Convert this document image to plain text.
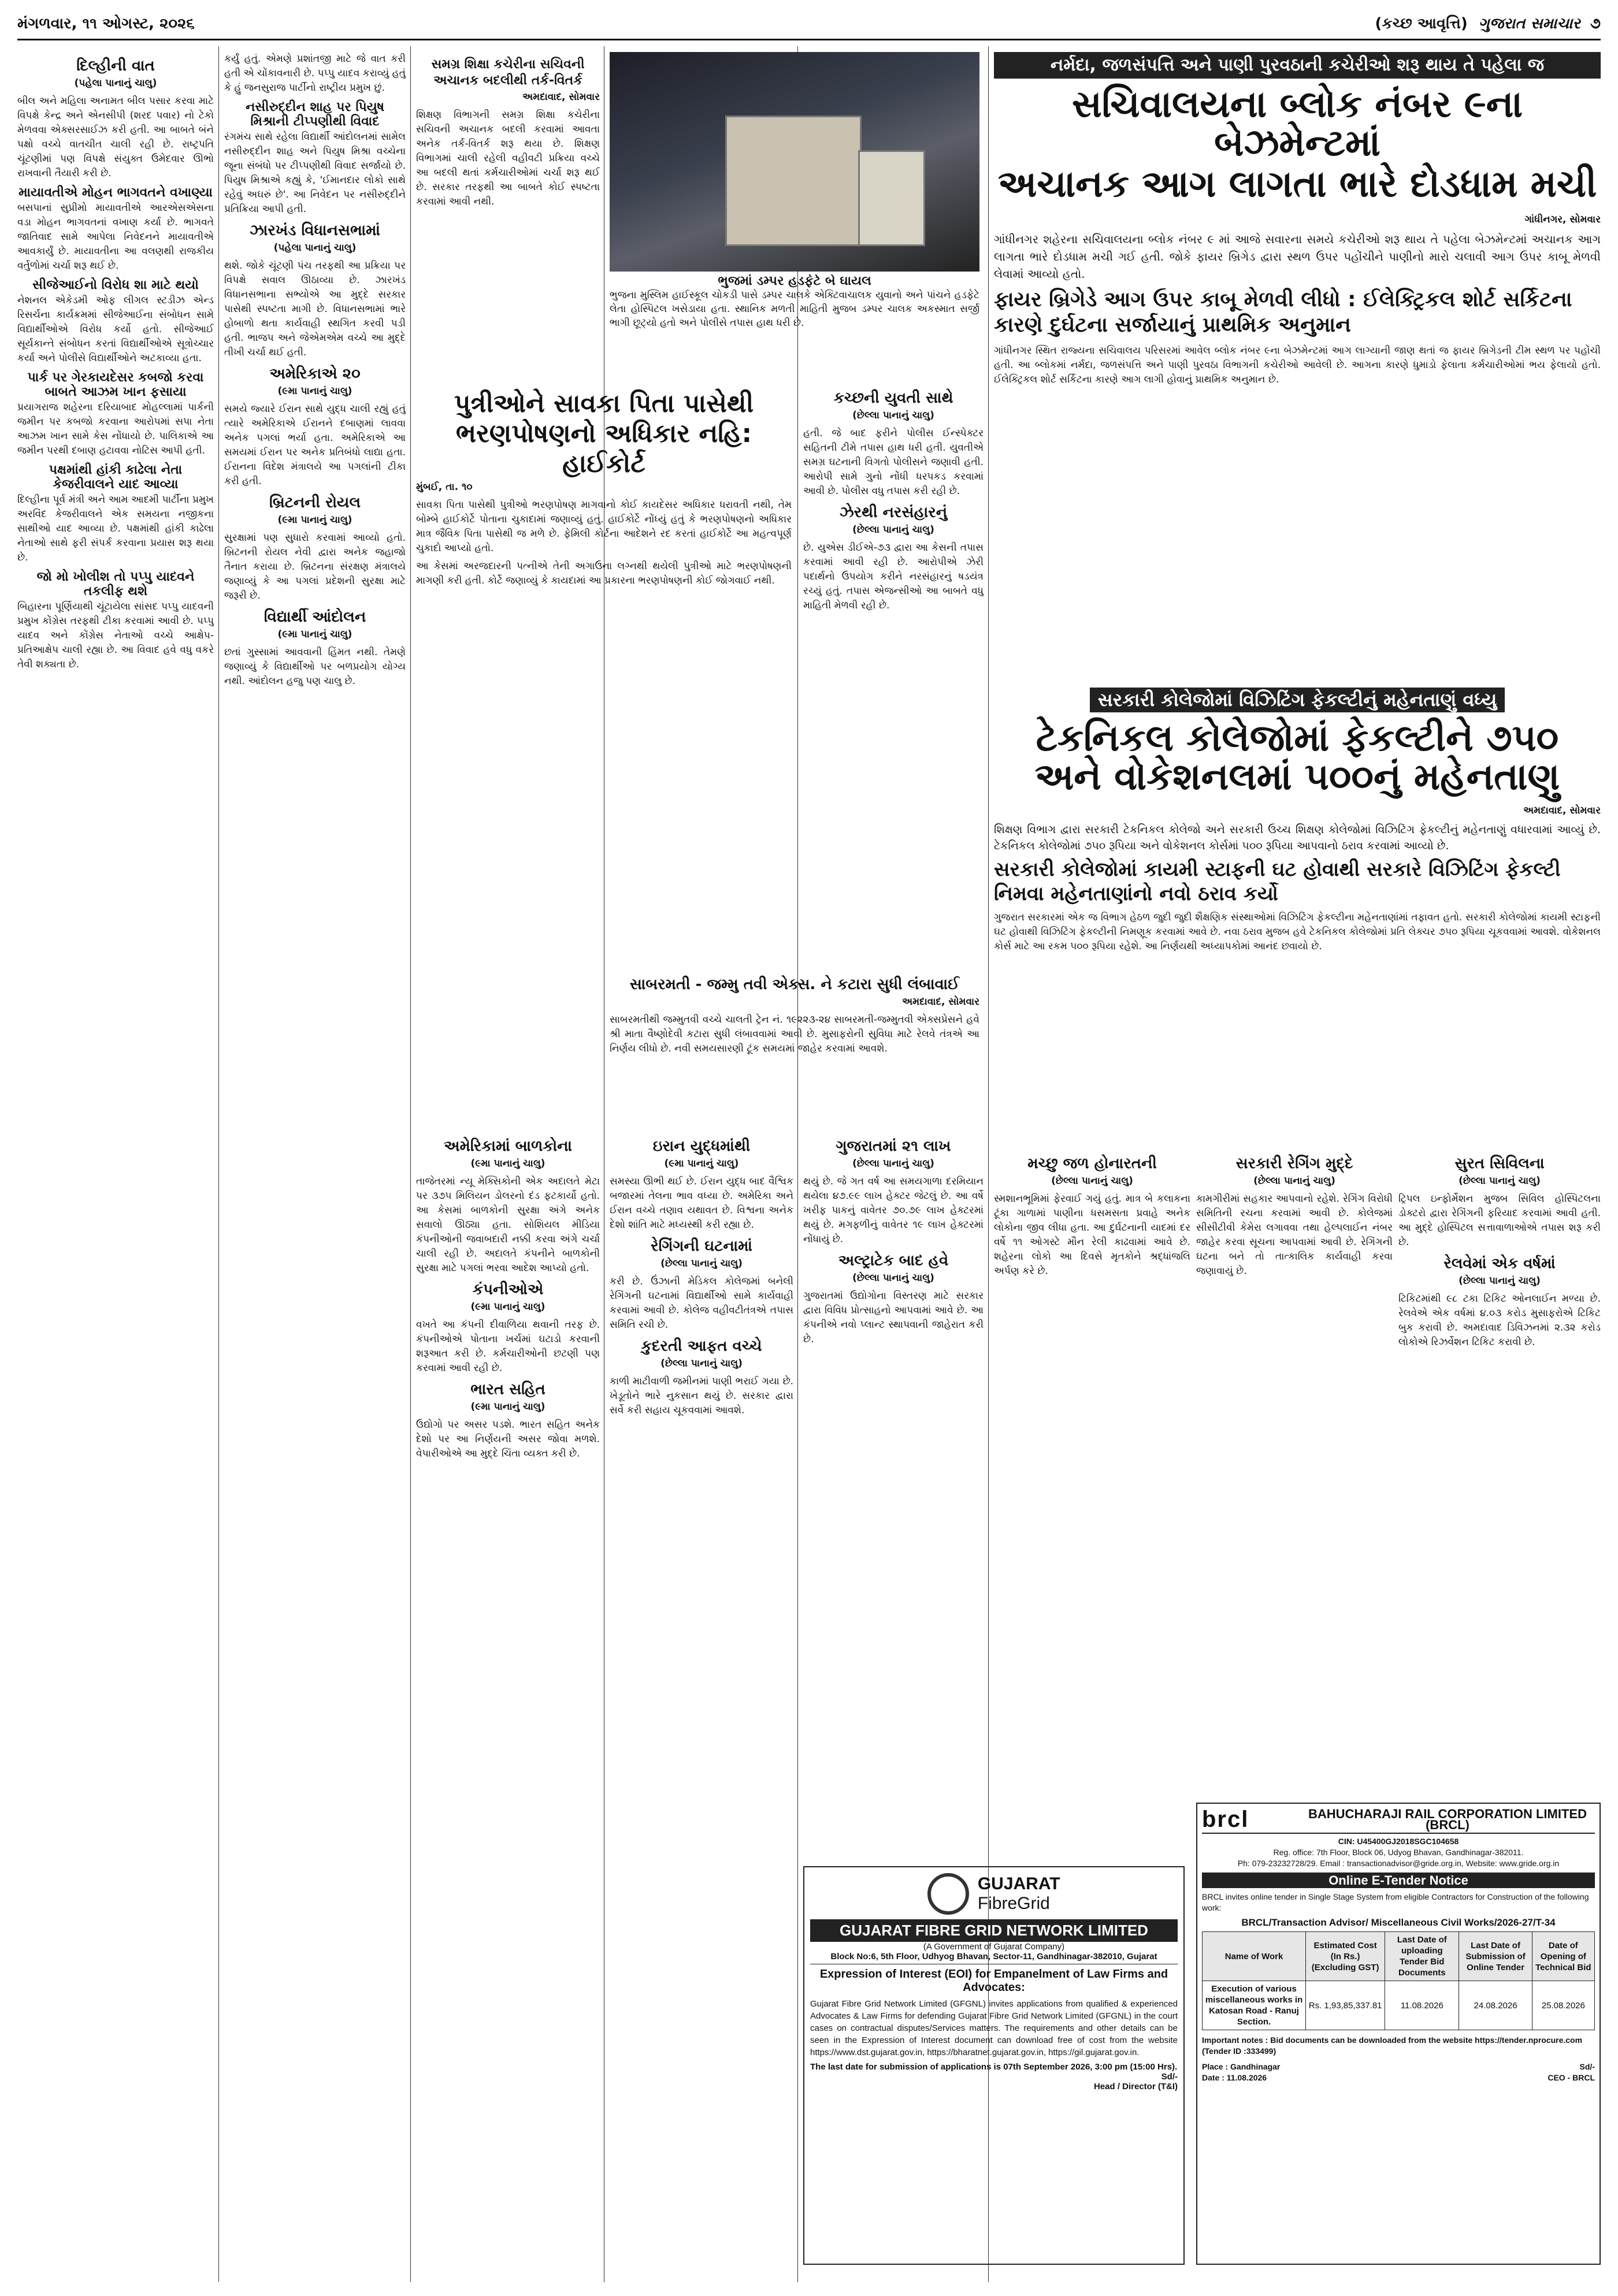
મંગળવાર, ૧૧ ઓગસ્ટ, ૨૦૨૬	(કચ્છ આવૃત્તિ) ગુજરાત સમાચાર ૭
દિલ્હીની વાત
(પહેલા પાનાનું ચાલુ)

બીલ અને મહિલા અનામત બીલ પસાર કરવા માટે વિપક્ષે કેન્દ્ર અને એનસીપી (શરદ પવાર) નો ટેકો મેળવવા એક્સરસાઈઝ કરી હતી. આ બાબતે બંને પક્ષો વચ્ચે વાતચીત ચાલી રહી છે. રાષ્ટ્રપતિ ચૂંટણીમાં પણ વિપક્ષે સંયુક્ત ઉમેદવાર ઊભો રાખવાની તૈયારી કરી છે.

માયાવતીએ મોહન ભાગવતને વખાણ્યા

બસપાનાં સુપ્રીમો માયાવતીએ આરએસએસના વડા મોહન ભાગવતનાં વખાણ કર્યા છે. ભાગવતે જાતિવાદ સામે આપેલા નિવેદનને માયાવતીએ આવકાર્યું છે. માયાવતીના આ વલણથી રાજકીય વર્તુળોમાં ચર્ચા શરૂ થઈ છે.

સીજેઆઈનો વિરોધ શા માટે થયો

નેશનલ એકેડમી ઓફ લીગલ સ્ટડીઝ એન્ડ રિસર્ચના કાર્યક્રમમાં સીજેઆઈના સંબોધન સામે વિદ્યાર્થીઓએ વિરોધ કર્યો હતો. સીજેઆઈ સૂર્યકાન્તે સંબોધન કરતાં વિદ્યાર્થીઓએ સૂત્રોચ્ચાર કર્યા અને પોલીસે વિદ્યાર્થીઓને અટકાવ્યા હતા.

પાર્ક પર ગેરકાયદેસર કબજો કરવા બાબતે આઝમ ખાન ફસાયા

પ્રયાગરાજ શહેરના દરિયાબાદ મોહલ્લામાં પાર્કની જમીન પર કબજો કરવાના આરોપમાં સપા નેતા આઝમ ખાન સામે કેસ નોંધાયો છે. પાલિકાએ આ જમીન પરથી દબાણ હટાવવા નોટિસ આપી હતી.

પક્ષમાંથી હાંકી કાઢેલા નેતા કેજરીવાલને યાદ આવ્યા

દિલ્હીના પૂર્વ મંત્રી અને આમ આદમી પાર્ટીના પ્રમુખ અરવિંદ કેજરીવાલને એક સમયના નજીકના સાથીઓ યાદ આવ્યા છે. પક્ષમાંથી હાંકી કાઢેલા નેતાઓ સાથે ફરી સંપર્ક કરવાના પ્રયાસ શરૂ થયા છે.

જો મો ખોલીશ તો પપ્પુ યાદવને તકલીફ થશે

બિહારના પૂર્ણિયાથી ચૂંટાયેલા સાંસદ પપ્પુ યાદવની પ્રમુખ કોંગ્રેસ તરફથી ટીકા કરવામાં આવી છે. પપ્પુ યાદવ અને કોંગ્રેસ નેતાઓ વચ્ચે આક્ષેપ-પ્રતિઆક્ષેપ ચાલી રહ્યા છે. આ વિવાદ હવે વધુ વકરે તેવી શક્યતા છે.

કર્યું હતું. એમણે પ્રશાંતજી માટે જે વાત કરી હતી એ ચોંકાવનારી છે. પપ્પુ યાદવ કરાવ્યું હતું કે હું જનસુરાજ પાર્ટીનો રાષ્ટ્રીય પ્રમુખ છું.

નસીરુદ્દીન શાહ પર પિયુષ મિશ્રાની ટીપ્પણીથી વિવાદ

રંગમંચ સાથે રહેલા વિદ્યાર્થી આંદોલનમાં સામેલ નસીરુદ્દીન શાહ અને પિયુષ મિશ્રા વચ્ચેના જૂના સંબંધો પર ટીપ્પણીથી વિવાદ સર્જાયો છે. પિયુષ મિશ્રાએ કહ્યું કે, 'ઈમાનદાર લોકો સાથે રહેવું અઘરું છે'. આ નિવેદન પર નસીરુદ્દીને પ્રતિક્રિયા આપી હતી.

ઝારખંડ વિધાનસભામાં
(પહેલા પાનાનું ચાલુ)

થશે. જોકે ચૂંટણી પંચ તરફથી આ પ્રક્રિયા પર વિપક્ષે સવાલ ઊઠાવ્યા છે. ઝારખંડ વિધાનસભાના સભ્યોએ આ મુદ્દે સરકાર પાસેથી સ્પષ્ટતા માગી છે. વિધાનસભામાં ભારે હોબાળો થતા કાર્યવાહી સ્થગિત કરવી પડી હતી. ભાજપ અને જેએમએમ વચ્ચે આ મુદ્દે તીખી ચર્ચા થઈ હતી.

અમેરિકાએ ૨૦
(૯મા પાનાનું ચાલુ)

સમયે જ્યારે ઈરાન સાથે યુદ્ધ ચાલી રહ્યું હતું ત્યારે અમેરિકાએ ઈરાનને દબાણમાં લાવવા અનેક પગલાં ભર્યા હતા. અમેરિકાએ આ સમયમાં ઈરાન પર અનેક પ્રતિબંધો લાદ્યા હતા. ઈરાનના વિદેશ મંત્રાલયે આ પગલાંની ટીકા કરી હતી.

બ્રિટનની રોયલ
(૯મા પાનાનું ચાલુ)

સુરક્ષામાં પણ સુધારો કરવામાં આવ્યો હતો. બ્રિટનની રોયલ નેવી દ્વારા અનેક જહાજો તૈનાત કરાયા છે. બ્રિટનના સંરક્ષણ મંત્રાલયે જણાવ્યું કે આ પગલાં પ્રદેશની સુરક્ષા માટે જરૂરી છે.

વિદ્યાર્થી આંદોલન
(૯મા પાનાનું ચાલુ)

છતાં ગુસ્સામાં આવવાની હિંમત નથી. તેમણે જણાવ્યું કે વિદ્યાર્થીઓ પર બળપ્રયોગ યોગ્ય નથી. આંદોલન હજુ પણ ચાલુ છે.

સમગ્ર શિક્ષા કચેરીના સચિવની અચાનક બદલીથી તર્ક-વિતર્ક

અમદાવાદ, સોમવાર

શિક્ષણ વિભાગની સમગ્ર શિક્ષા કચેરીના સચિવની અચાનક બદલી કરવામાં આવતા અનેક તર્ક-વિતર્ક શરૂ થયા છે. શિક્ષણ વિભાગમાં ચાલી રહેલી વહીવટી પ્રક્રિયા વચ્ચે આ બદલી થતાં કર્મચારીઓમાં ચર્ચા શરૂ થઈ છે. સરકાર તરફથી આ બાબતે કોઈ સ્પષ્ટતા કરવામાં આવી નથી.

ભુજમાં ડમ્પર હડફેટે બે ઘાયલ
ભુજના મુસ્લિમ હાઈસ્કૂલ ચોકડી પાસે ડમ્પર ચાલકે એક્ટિવાચાલક યુવાનો અને પાંચને હડફેટે લેતા હોસ્પિટલ ખસેડાયા હતા. સ્થાનિક મળતી માહિતી મુજબ ડમ્પર ચાલક અકસ્માત સર્જી ભાગી છૂટ્યો હતો અને પોલીસે તપાસ હાથ ધરી છે.
પુત્રીઓને સાવકા પિતા પાસેથી ભરણપોષણનો અધિકાર નહિ: હાઈકોર્ટ

મુંબઈ, તા. ૧૦

સાવકા પિતા પાસેથી પુત્રીઓ ભરણપોષણ માગવાનો કોઈ કાયદેસર અધિકાર ધરાવતી નથી, તેમ બોમ્બે હાઈકોર્ટે પોતાના ચુકાદામાં જણાવ્યું હતું. હાઈકોર્ટે નોંધ્યું હતું કે ભરણપોષણનો અધિકાર માત્ર જૈવિક પિતા પાસેથી જ મળે છે. ફેમિલી કોર્ટના આદેશને રદ કરતાં હાઈકોર્ટે આ મહત્વપૂર્ણ ચુકાદો આપ્યો હતો.

આ કેસમાં અરજદારની પત્નીએ તેની અગાઉના લગ્નથી થયેલી પુત્રીઓ માટે ભરણપોષણની માગણી કરી હતી. કોર્ટે જણાવ્યું કે કાયદામાં આ પ્રકારના ભરણપોષણની કોઈ જોગવાઈ નથી.

કચ્છની યુવતી સાથે
(છેલ્લા પાનાનું ચાલુ)

હતી. જે બાદ ફરીને પોલીસ ઈન્સ્પેક્ટર સહિતની ટીમે તપાસ હાથ ધરી હતી. યુવતીએ સમગ્ર ઘટનાની વિગતો પોલીસને જણાવી હતી. આરોપી સામે ગુનો નોંધી ધરપકડ કરવામાં આવી છે. પોલીસ વધુ તપાસ કરી રહી છે.

ઝેરથી નરસંહારનું
(છેલ્લા પાનાનું ચાલુ)

છે. યુએસ ડીઈએ-૭૩ દ્વારા આ કેસની તપાસ કરવામાં આવી રહી છે. આરોપીએ ઝેરી પદાર્થનો ઉપયોગ કરીને નરસંહારનું ષડયંત્ર રચ્યું હતું. તપાસ એજન્સીઓ આ બાબતે વધુ માહિતી મેળવી રહી છે.

સાબરમતી - જમ્મુ તવી એક્સ. ને કટારા સુધી લંબાવાઈ

અમદાવાદ, સોમવાર

સાબરમતીથી જમ્મુતવી વચ્ચે ચાલતી ટ્રેન નં. ૧૯૨૨૩-૨૪ સાબરમતી-જમ્મુતવી એક્સપ્રેસને હવે શ્રી માતા વૈષ્ણોદેવી કટારા સુધી લંબાવવામાં આવી છે. મુસાફરોની સુવિધા માટે રેલવે તંત્રએ આ નિર્ણય લીધો છે. નવી સમયસારણી ટૂંક સમયમાં જાહેર કરવામાં આવશે.

અમેરિકામાં બાળકોના
(૯મા પાનાનું ચાલુ)

તાજેતરમાં ન્યૂ મેક્સિકોની એક અદાલતે મેટા પર ૩૭૫ મિલિયન ડોલરનો દંડ ફટકાર્યો હતો. આ કેસમાં બાળકોની સુરક્ષા અંગે અનેક સવાલો ઊઠ્યા હતા. સોશિયલ મીડિયા કંપનીઓની જવાબદારી નક્કી કરવા અંગે ચર્ચા ચાલી રહી છે. અદાલતે કંપનીને બાળકોની સુરક્ષા માટે પગલાં ભરવા આદેશ આપ્યો હતો.

કંપનીઓએ
(૯મા પાનાનું ચાલુ)

વખતે આ કંપની દીવાળિયા થવાની તરફ છે. કંપનીઓએ પોતાના ખર્ચમાં ઘટાડો કરવાની શરૂઆત કરી છે. કર્મચારીઓની છટણી પણ કરવામાં આવી રહી છે.

ભારત સહિત
(૯મા પાનાનું ચાલુ)

ઉદ્યોગો પર અસર પડશે. ભારત સહિત અનેક દેશો પર આ નિર્ણયની અસર જોવા મળશે. વેપારીઓએ આ મુદ્દે ચિંતા વ્યક્ત કરી છે.

ઇરાન યુદ્ધમાંથી
(૯મા પાનાનું ચાલુ)

સમસ્યા ઊભી થઈ છે. ઈરાન યુદ્ધ બાદ વૈશ્વિક બજારમાં તેલના ભાવ વધ્યા છે. અમેરિકા અને ઈરાન વચ્ચે તણાવ યથાવત છે. વિશ્વના અનેક દેશો શાંતિ માટે મધ્યસ્થી કરી રહ્યા છે.

રેગિંગની ઘટનામાં
(છેલ્લા પાનાનું ચાલુ)

કરી છે. ઉંઝાની મેડિકલ કોલેજમાં બનેલી રેગિંગની ઘટનામાં વિદ્યાર્થીઓ સામે કાર્યવાહી કરવામાં આવી છે. કોલેજ વહીવટીતંત્રએ તપાસ સમિતિ રચી છે.

કુદરતી આફત વચ્ચે
(છેલ્લા પાનાનું ચાલુ)

કાળી માટીવાળી જમીનમાં પાણી ભરાઈ ગયા છે. ખેડૂતોને ભારે નુકસાન થયું છે. સરકાર દ્વારા સર્વે કરી સહાય ચૂકવવામાં આવશે.

ગુજરાતમાં ૨૧ લાખ
(છેલ્લા પાનાનું ચાલુ)

થયું છે. જે ગત વર્ષ આ સમયગાળા દરમિયાન થયેલા ૪૭.૯૯ લાખ હેક્ટર જેટલું છે. આ વર્ષે ખરીફ પાકનું વાવેતર ૭૦.૭૯ લાખ હેક્ટરમાં થયું છે. મગફળીનું વાવેતર ૧૯ લાખ હેક્ટરમાં નોંધાયું છે.

અલ્ટ્રાટેક બાદ હવે
(છેલ્લા પાનાનું ચાલુ)

ગુજરાતમાં ઉદ્યોગોના વિસ્તરણ માટે સરકાર દ્વારા વિવિધ પ્રોત્સાહનો આપવામાં આવે છે. આ કંપનીએ નવો પ્લાન્ટ સ્થાપવાની જાહેરાત કરી છે.

GUJARAT
FibreGrid
GUJARAT FIBRE GRID NETWORK LIMITED
(A Government of Gujarat Company)
Block No:6, 5th Floor, Udhyog Bhavan, Sector-11, Gandhinagar-382010, Gujarat
Expression of Interest (EOI) for Empanelment of Law Firms and Advocates:
Gujarat Fibre Grid Network Limited (GFGNL) invites applications from qualified & experienced Advocates & Law Firms for defending Gujarat Fibre Grid Network Limited (GFGNL) in the court cases on contractual disputes/Services matters. The requirements and other details can be seen in the Expression of Interest document can download free of cost from the website https://www.dst.gujarat.gov.in, https://bharatnet.gujarat.gov.in, https://gil.gujarat.gov.in.
The last date for submission of applications is 07th September 2026, 3:00 pm (15:00 Hrs).
Sd/-
Head / Director (T&I)
નર્મદા, જળસંપત્તિ અને પાણી પુરવઠાની કચેરીઓ શરૂ થાય તે પહેલા જ
સચિવાલયના બ્લોક નંબર ૯ના બેઝમેન્ટમાં
અચાનક આગ લાગતા ભારે દોડધામ મચી

ગાંધીનગર, સોમવાર

ગાંધીનગર શહેરના સચિવાલયના બ્લોક નંબર ૯ માં આજે સવારના સમયે કચેરીઓ શરૂ થાય તે પહેલા બેઝમેન્ટમાં અચાનક આગ લાગતા ભારે દોડધામ મચી ગઈ હતી. જોકે ફાયર બ્રિગેડ દ્વારા સ્થળ ઉપર પહોંચીને પાણીનો મારો ચલાવી આગ ઉપર કાબૂ મેળવી લેવામાં આવ્યો હતો.

ફાયર બ્રિગેડે આગ ઉપર કાબૂ મેળવી લીધો : ઈલેક્ટ્રિકલ શોર્ટ સર્કિટના કારણે દુર્ઘટના સર્જાયાનું પ્રાથમિક અનુમાન

ગાંધીનગર સ્થિત રાજ્યના સચિવાલય પરિસરમાં આવેલ બ્લોક નંબર ૯ના બેઝમેન્ટમાં આગ લાગ્યાની જાણ થતાં જ ફાયર બ્રિગેડની ટીમ સ્થળ પર પહોંચી હતી. આ બ્લોકમાં નર્મદા, જળસંપત્તિ અને પાણી પુરવઠા વિભાગની કચેરીઓ આવેલી છે. આગના કારણે ધુમાડો ફેલાતા કર્મચારીઓમાં ભય ફેલાયો હતો. ઈલેક્ટ્રિકલ શોર્ટ સર્કિટના કારણે આગ લાગી હોવાનું પ્રાથમિક અનુમાન છે.

સરકારી કોલેજોમાં વિઝિટિંગ ફેકલ્ટીનું મહેનતાણું વધ્યુ
ટેકનિકલ કોલેજોમાં ફેકલ્ટીને ૭૫૦
અને વોકેશનલમાં ૫૦૦નું મહેનતાણુ

અમદાવાદ, સોમવાર

શિક્ષણ વિભાગ દ્વારા સરકારી ટેકનિકલ કોલેજો અને સરકારી ઉચ્ચ શિક્ષણ કોલેજોમાં વિઝિટિંગ ફેકલ્ટીનું મહેનતાણું વધારવામાં આવ્યું છે. ટેકનિકલ કોલેજોમાં ૭૫૦ રૂપિયા અને વોકેશનલ કોર્સમાં ૫૦૦ રૂપિયા આપવાનો ઠરાવ કરવામાં આવ્યો છે.

સરકારી કોલેજોમાં કાયમી સ્ટાફની ઘટ હોવાથી સરકારે વિઝિટિંગ ફેકલ્ટી નિમવા મહેનતાણાંનો નવો ઠરાવ કર્યો

ગુજરાત સરકારમાં એક જ વિભાગ હેઠળ જુદી જુદી શૈક્ષણિક સંસ્થાઓમાં વિઝિટિંગ ફેકલ્ટીના મહેનતાણાંમાં તફાવત હતો. સરકારી કોલેજોમાં કાયમી સ્ટાફની ઘટ હોવાથી વિઝિટિંગ ફેકલ્ટીની નિમણૂક કરવામાં આવે છે. નવા ઠરાવ મુજબ હવે ટેકનિકલ કોલેજોમાં પ્રતિ લેક્ચર ૭૫૦ રૂપિયા ચૂકવવામાં આવશે. વોકેશનલ કોર્સ માટે આ રકમ ૫૦૦ રૂપિયા રહેશે. આ નિર્ણયથી અધ્યાપકોમાં આનંદ છવાયો છે.

મચ્છુ જળ હોનારતની
(છેલ્લા પાનાનું ચાલુ)

સ્મશાનભૂમિમાં ફેરવાઈ ગયું હતું. માત્ર બે કલાકના ટૂંકા ગાળામાં પાણીના ધસમસતા પ્રવાહે અનેક લોકોના જીવ લીધા હતા. આ દુર્ઘટનાની યાદમાં દર વર્ષે ૧૧ ઓગસ્ટે મૌન રેલી કાઢવામાં આવે છે. શહેરના લોકો આ દિવસે મૃતકોને શ્રદ્ધાંજલિ અર્પણ કરે છે.

સરકારી રેગિંગ મુદ્દે
(છેલ્લા પાનાનું ચાલુ)

કામગીરીમાં સહકાર આપવાનો રહેશે. રેગિંગ વિરોધી સમિતિની રચના કરવામાં આવી છે. કોલેજમાં સીસીટીવી કેમેરા લગાવવા તથા હેલ્પલાઈન નંબર જાહેર કરવા સૂચના આપવામાં આવી છે. રેગિંગની ઘટના બને તો તાત્કાલિક કાર્યવાહી કરવા જણાવાયું છે.

સુરત સિવિલના
(છેલ્લા પાનાનું ચાલુ)

ટ્રિપલ ઇન્ફોર્મેશન મુજબ સિવિલ હોસ્પિટલના ડોક્ટરો દ્વારા રેગિંગની ફરિયાદ કરવામાં આવી હતી. આ મુદ્દે હોસ્પિટલ સત્તાવાળાઓએ તપાસ શરૂ કરી છે.

રેલવેમાં એક વર્ષમાં
(છેલ્લા પાનાનું ચાલુ)

ટિકિટમાંથી ૯૮ ટકા ટિકિટ ઓનલાઈન મળ્યા છે. રેલવેએ એક વર્ષમાં ૪.૦૩ કરોડ મુસાફરોએ ટિકિટ બુક કરાવી છે. અમદાવાદ ડિવિઝનમાં ૨.૩૨ કરોડ લોકોએ રિઝર્વેશન ટિકિટ કરાવી છે.

brcl	BAHUCHARAJI RAIL CORPORATION LIMITED (BRCL)
CIN: U45400GJ2018SGC104658
Reg. office: 7th Floor, Block 06, Udyog Bhavan, Gandhinagar-382011.
Ph: 079-23232728/29. Email : transactionadvisor@gride.org.in, Website: www.gride.org.in
Online E-Tender Notice
BRCL invites online tender in Single Stage System from eligible Contractors for Construction of the following work:
BRCL/Transaction Advisor/ Miscellaneous Civil Works/2026-27/T-34
Name of Work	Estimated Cost (In Rs.) (Excluding GST)	Last Date of uploading Tender Bid Documents	Last Date of Submission of Online Tender	Date of Opening of Technical Bid
Execution of various miscellaneous works in Katosan Road - Ranuj Section.	Rs. 1,93,85,337.81	11.08.2026	24.08.2026	25.08.2026
Important notes : Bid documents can be downloaded from the website https://tender.nprocure.com (Tender ID :333499)
Place : Gandhinagar	Sd/-
Date : 11.08.2026	CEO - BRCL
